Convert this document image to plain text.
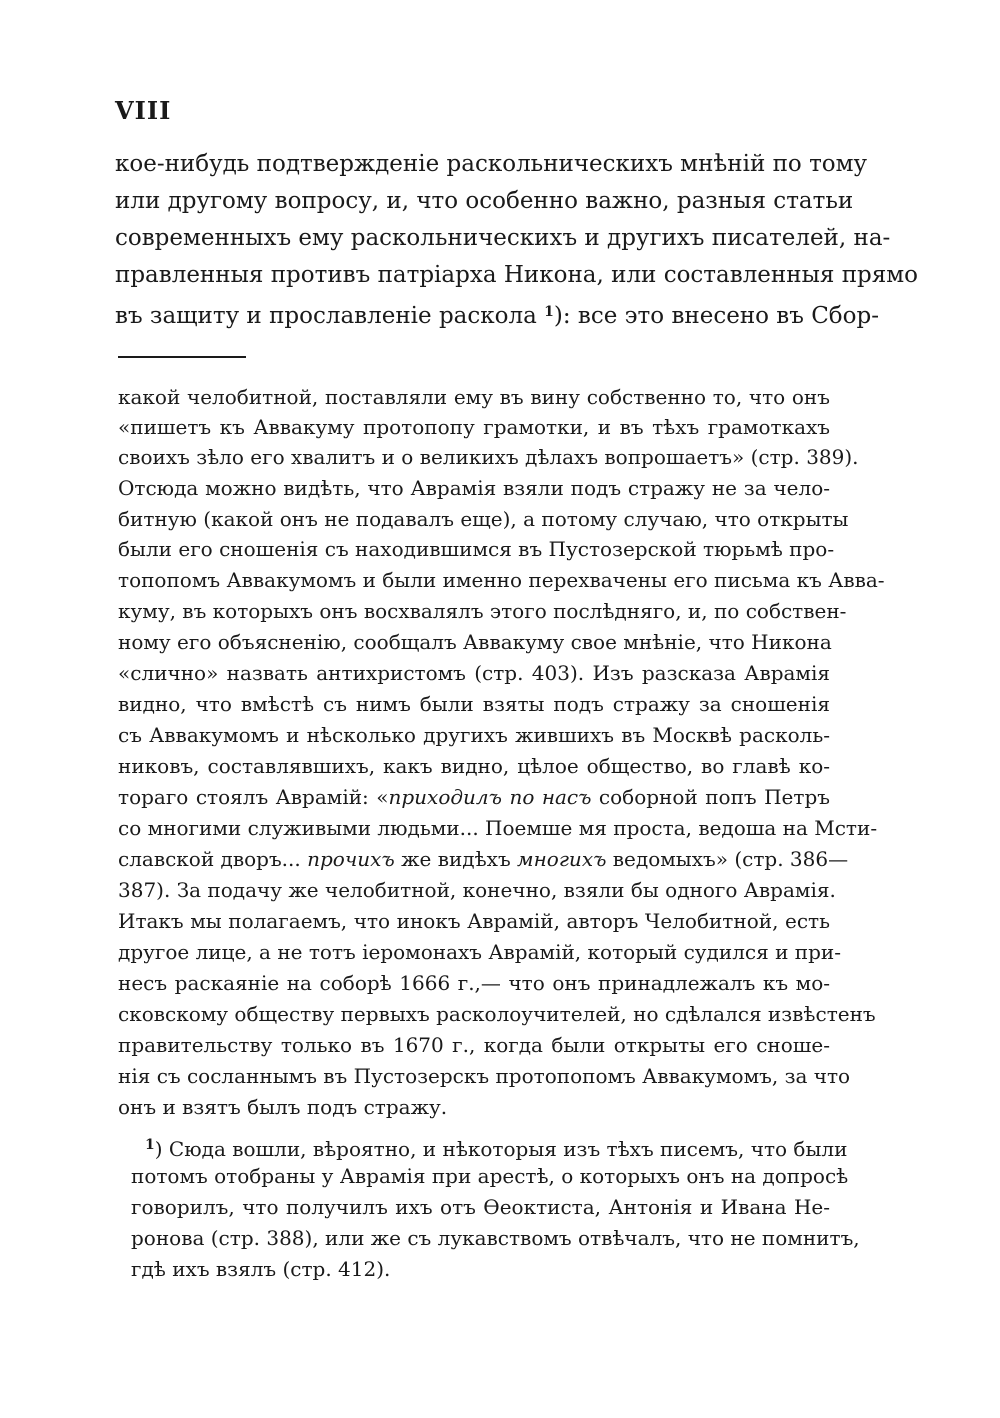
VIII
кое-нибудь подтвержденіе раскольническихъ мнѣній по тому
или другому вопросу, и, что особенно важно, разныя статьи
современныхъ ему раскольническихъ и другихъ писателей, на-
правленныя противъ патріарха Никона, или составленныя прямо
въ защиту и прославленіе раскола $^1$): все это внесено въ Сбор-
какой челобитной, поставляли ему въ вину собственно то, что онъ
«пишетъ къ Аввакуму протопопу грамотки, и въ тѣхъ грамоткахъ
своихъ зѣло его хвалитъ и о великихъ дѣлахъ вопрошаетъ» (стр. 389).
Отсюда можно видѣть, что Аврамія взяли подъ стражу не за чело-
битную (какой онъ не подавалъ еще), а потому случаю, что открыты
были его сношенія съ находившимся въ Пустозерской тюрьмѣ про-
топопомъ Аввакумомъ и были именно перехвачены его письма къ Авва-
куму, въ которыхъ онъ восхвалялъ этого послѣдняго, и, по собствен-
ному его объясненію, сообщалъ Аввакуму свое мнѣніе, что Никона
«слично» назвать антихристомъ (стр. 403). Изъ разсказа Аврамія
видно, что вмѣстѣ съ нимъ были взяты подъ стражу за сношенія
съ Аввакумомъ и нѣсколько другихъ жившихъ въ Москвѣ расколь-
никовъ, составлявшихъ, какъ видно, цѣлое общество, во главѣ ко-
тораго стоялъ Аврамій: «приходилъ по насъ соборной попъ Петръ
со многими служивыми людьми... Поемше мя проста, ведоша на Мсти-
славской дворъ... прочихъ же видѣхъ многихъ ведомыхъ» (стр. 386—
387). За подачу же челобитной, конечно, взяли бы одного Аврамія.
Итакъ мы полагаемъ, что инокъ Аврамій, авторъ Челобитной, есть
другое лице, а не тотъ іеромонахъ Аврамій, который судился и при-
несъ раскаяніе на соборѣ 1666 г.,— что онъ принадлежалъ къ мо-
сковскому обществу первыхъ расколоучителей, но сдѣлался извѣстенъ
правительству только въ 1670 г., когда были открыты его сноше-
нія съ сосланнымъ въ Пустозерскъ протопопомъ Аввакумомъ, за что
онъ и взятъ былъ подъ стражу.
$^1$) Сюда вошли, вѣроятно, и нѣкоторыя изъ тѣхъ писемъ, что были
потомъ отобраны у Аврамія при арестѣ, о которыхъ онъ на допросѣ
говорилъ, что получилъ ихъ отъ Ѳеоктиста, Антонія и Ивана Не-
ронова (стр. 388), или же съ лукавствомъ отвѣчалъ, что не помнитъ,
гдѣ ихъ взялъ (стр. 412).
